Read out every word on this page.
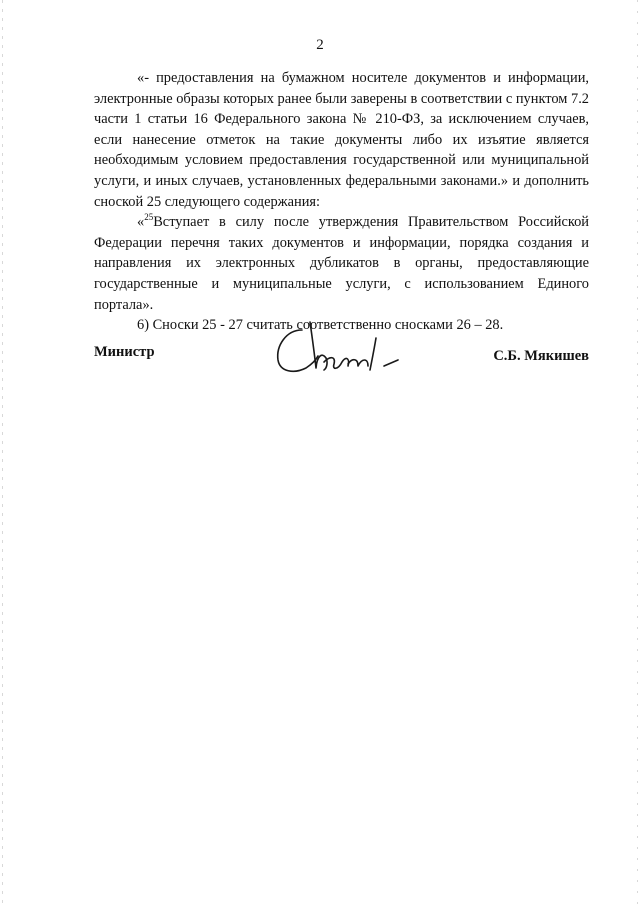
2

«- предоставления на бумажном носителе документов и информации, электронные образы которых ранее были заверены в соответствии с пунктом 7.2 части 1 статьи 16 Федерального закона № 210-ФЗ, за исключением случаев, если нанесение отметок на такие документы либо их изъятие является необходимым условием предоставления государственной или муниципальной услуги, и иных случаев, установленных федеральными законами.» и дополнить сноской 25 следующего содержания:

«$^{25}$Вступает в силу после утверждения Правительством Российской Федерации перечня таких документов и информации, порядка создания и направления их электронных дубликатов в органы, предоставляющие государственные и муниципальные услуги, с использованием Единого портала».

6) Сноски 25 - 27 считать соответственно сносками 26 – 28.

Министр	С.Б. Мякишев
